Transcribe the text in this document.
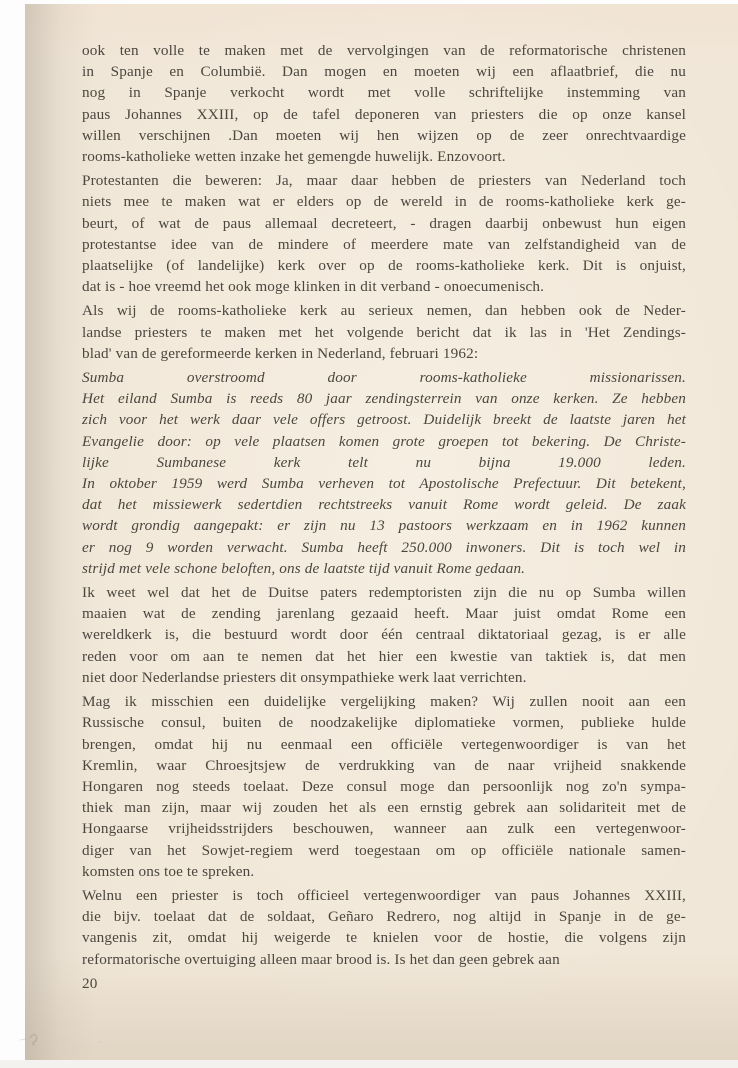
ook ten volle te maken met de vervolgingen van de reformatorische christenen
in Spanje en Columbië. Dan mogen en moeten wij een aflaatbrief, die nu
nog in Spanje verkocht wordt met volle schriftelijke instemming van
paus Johannes XXIII, op de tafel deponeren van priesters die op onze kansel
willen verschijnen .Dan moeten wij hen wijzen op de zeer onrechtvaardige
rooms-katholieke wetten inzake het gemengde huwelijk. Enzovoort.
Protestanten die beweren: Ja, maar daar hebben de priesters van Nederland toch
niets mee te maken wat er elders op de wereld in de rooms-katholieke kerk ge-
beurt, of wat de paus allemaal decreteert, - dragen daarbij onbewust hun eigen
protestantse idee van de mindere of meerdere mate van zelfstandigheid van de
plaatselijke (of landelijke) kerk over op de rooms-katholieke kerk. Dit is onjuist,
dat is - hoe vreemd het ook moge klinken in dit verband - onoecumenisch.
Als wij de rooms-katholieke kerk au serieux nemen, dan hebben ook de Neder-
landse priesters te maken met het volgende bericht dat ik las in 'Het Zendings-
blad' van de gereformeerde kerken in Nederland, februari 1962:
Sumba overstroomd door rooms-katholieke missionarissen.
Het eiland Sumba is reeds 80 jaar zendingsterrein van onze kerken. Ze hebben
zich voor het werk daar vele offers getroost. Duidelijk breekt de laatste jaren het
Evangelie door: op vele plaatsen komen grote groepen tot bekering. De Christe-
lijke Sumbanese kerk telt nu bijna 19.000 leden.
In oktober 1959 werd Sumba verheven tot Apostolische Prefectuur. Dit betekent,
dat het missiewerk sedertdien rechtstreeks vanuit Rome wordt geleid. De zaak
wordt grondig aangepakt: er zijn nu 13 pastoors werkzaam en in 1962 kunnen
er nog 9 worden verwacht. Sumba heeft 250.000 inwoners. Dit is toch wel in
strijd met vele schone beloften, ons de laatste tijd vanuit Rome gedaan.
Ik weet wel dat het de Duitse paters redemptoristen zijn die nu op Sumba willen
maaien wat de zending jarenlang gezaaid heeft. Maar juist omdat Rome een
wereldkerk is, die bestuurd wordt door één centraal diktatoriaal gezag, is er alle
reden voor om aan te nemen dat het hier een kwestie van taktiek is, dat men
niet door Nederlandse priesters dit onsympathieke werk laat verrichten.
Mag ik misschien een duidelijke vergelijking maken? Wij zullen nooit aan een
Russische consul, buiten de noodzakelijke diplomatieke vormen, publieke hulde
brengen, omdat hij nu eenmaal een officiële vertegenwoordiger is van het
Kremlin, waar Chroesjtsjew de verdrukking van de naar vrijheid snakkende
Hongaren nog steeds toelaat. Deze consul moge dan persoonlijk nog zo'n sympa-
thiek man zijn, maar wij zouden het als een ernstig gebrek aan solidariteit met de
Hongaarse vrijheidsstrijders beschouwen, wanneer aan zulk een vertegenwoor-
diger van het Sowjet-regiem werd toegestaan om op officiële nationale samen-
komsten ons toe te spreken.
Welnu een priester is toch officieel vertegenwoordiger van paus Johannes XXIII,
die bijv. toelaat dat de soldaat, Geñaro Redrero, nog altijd in Spanje in de ge-
vangenis zit, omdat hij weigerde te knielen voor de hostie, die volgens zijn
reformatorische overtuiging alleen maar brood is. Is het dan geen gebrek aan
20
